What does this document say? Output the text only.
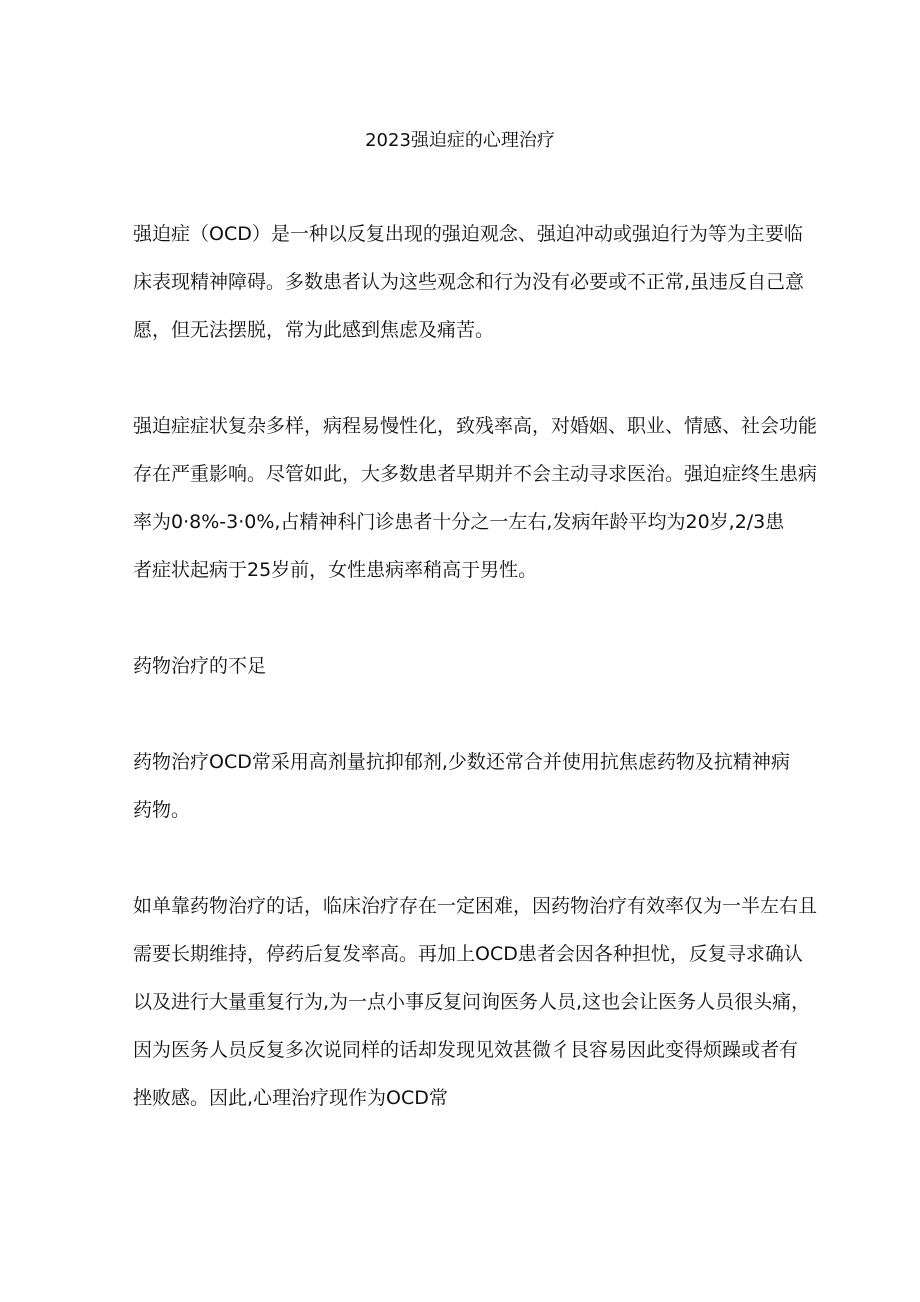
2023强迫症的心理治疗

强迫症（OCD）是一种以反复出现的强迫观念、强迫冲动或强迫行为等为主要临

床表现精神障碍。多数患者认为这些观念和行为没有必要或不正常,虽违反自己意

愿，但无法摆脱，常为此感到焦虑及痛苦。

强迫症症状复杂多样，病程易慢性化，致残率高，对婚姻、职业、情感、社会功能

存在严重影响。尽管如此，大多数患者早期并不会主动寻求医治。强迫症终生患病

率为0·8%-3·0%,占精神科门诊患者十分之一左右,发病年龄平均为20岁,2/3患

者症状起病于25岁前，女性患病率稍高于男性。

药物治疗的不足

药物治疗OCD常采用高剂量抗抑郁剂,少数还常合并使用抗焦虑药物及抗精神病

药物。

如单靠药物治疗的话，临床治疗存在一定困难，因药物治疗有效率仅为一半左右且

需要长期维持，停药后复发率高。再加上OCD患者会因各种担忧，反复寻求确认

以及进行大量重复行为,为一点小事反复问询医务人员,这也会让医务人员很头痛，

因为医务人员反复多次说同样的话却发现见效甚微彳艮容易因此变得烦躁或者有

挫败感。因此,心理治疗现作为OCD常
